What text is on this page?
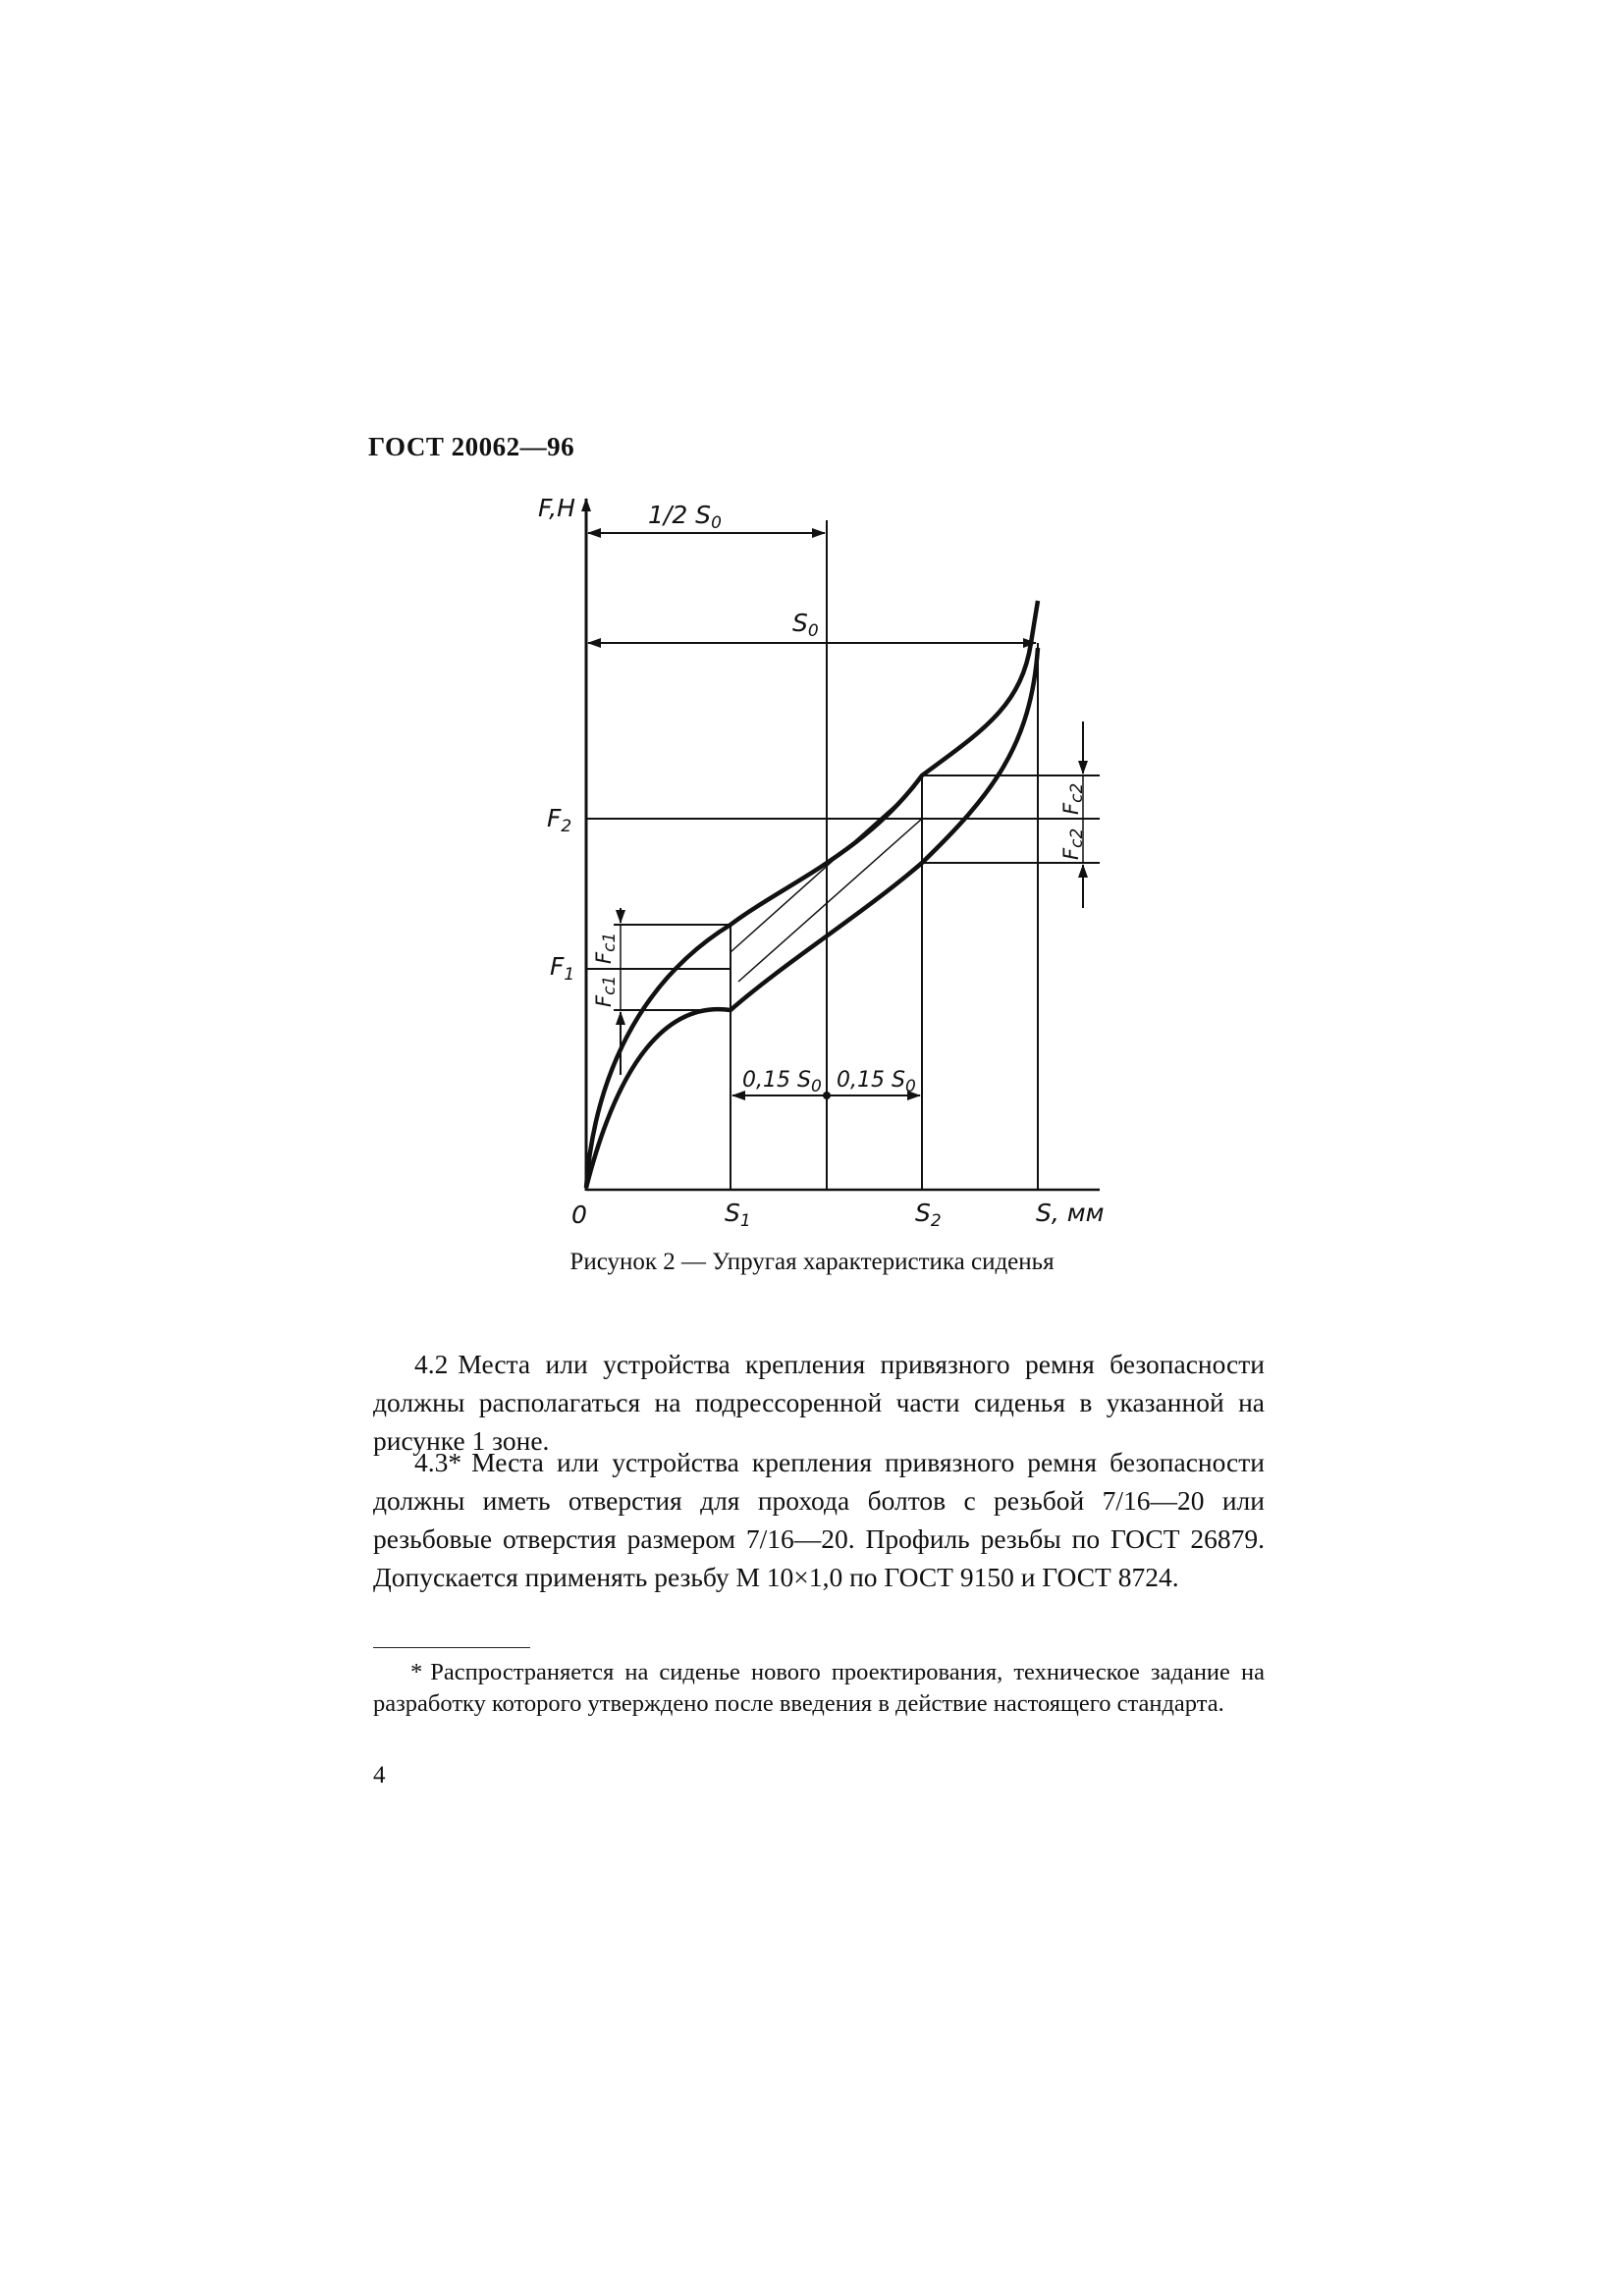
ГОСТ 20062—96
F,H
S, мм
0	$S_1$	$S_2$
$F_2$
$F_1$
1/2 $S_0$
$S_0$
0,15 $S_0$ 0,15 $S_0$
Fc1
Fc1
Fc2
Fc2
Рисунок 2 — Упругая характеристика сиденья
4.2 Места или устройства крепления привязного ремня безопасности должны располагаться на подрессоренной части сиденья в указанной на рисунке 1 зоне.
4.3* Места или устройства крепления привязного ремня безопасности должны иметь отверстия для прохода болтов с резьбой 7/16—20 или резьбовые отверстия размером 7/16—20. Профиль резьбы по ГОСТ 26879. Допускается применять резьбу М 10×1,0 по ГОСТ 9150 и ГОСТ 8724.
* Распространяется на сиденье нового проектирования, техническое задание на разработку которого утверждено после введения в действие настоящего стандарта.
4
